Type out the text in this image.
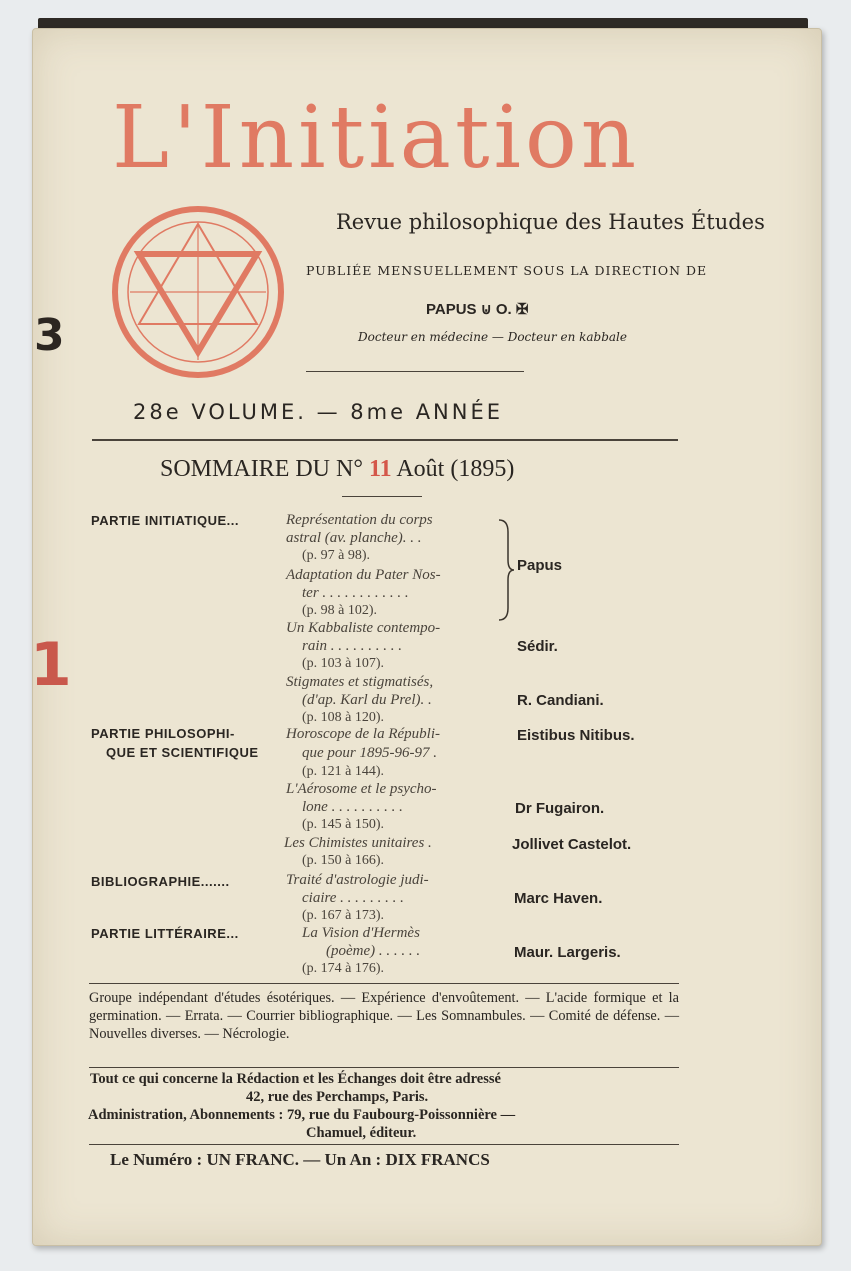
3
1
L'Initiation
Revue philosophique des Hautes Études
PUBLIÉE MENSUELLEMENT SOUS LA DIRECTION DE
PAPUS ⊍ O. ✠
Docteur en médecine — Docteur en kabbale
28e VOLUME. — 8me ANNÉE
SOMMAIRE DU N° 11 Août (1895)
PARTIE INITIATIQUE...
PARTIE PHILOSOPHI-
QUE ET SCIENTIFIQUE
BIBLIOGRAPHIE.......
PARTIE LITTÉRAIRE...
Représentation du corps
astral (av. planche). . .
(p. 97 à 98).
Adaptation du Pater Nos-
ter . . . . . . . . . . . .
(p. 98 à 102).
Un Kabbaliste contempo-
rain . . . . . . . . . .
(p. 103 à 107).
Stigmates et stigmatisés,
(d'ap. Karl du Prel). .
(p. 108 à 120).
Horoscope de la Républi-
que pour 1895-96-97 .
(p. 121 à 144).
L'Aérosome et le psycho-
lone . . . . . . . . . .
(p. 145 à 150).
Les Chimistes unitaires .
(p. 150 à 166).
Traité d'astrologie judi-
ciaire . . . . . . . . .
(p. 167 à 173).
La Vision d'Hermès
(poème) . . . . . .
(p. 174 à 176).
Papus
Sédir.
R. Candiani.
Eistibus Nitibus.
Dr Fugairon.
Jollivet Castelot.
Marc Haven.
Maur. Largeris.
Groupe indépendant d'études ésotériques. — Expérience d'envoûtement. — L'acide formique et la germination. — Errata. — Courrier bibliographique. — Les Somnambules. — Comité de défense. — Nouvelles diverses. — Nécrologie.
Tout ce qui concerne la Rédaction et les Échanges doit être adressé
42, rue des Perchamps, Paris.
Administration, Abonnements : 79, rue du Faubourg-Poissonnière —
Chamuel, éditeur.
Le Numéro : UN FRANC. — Un An : DIX FRANCS
